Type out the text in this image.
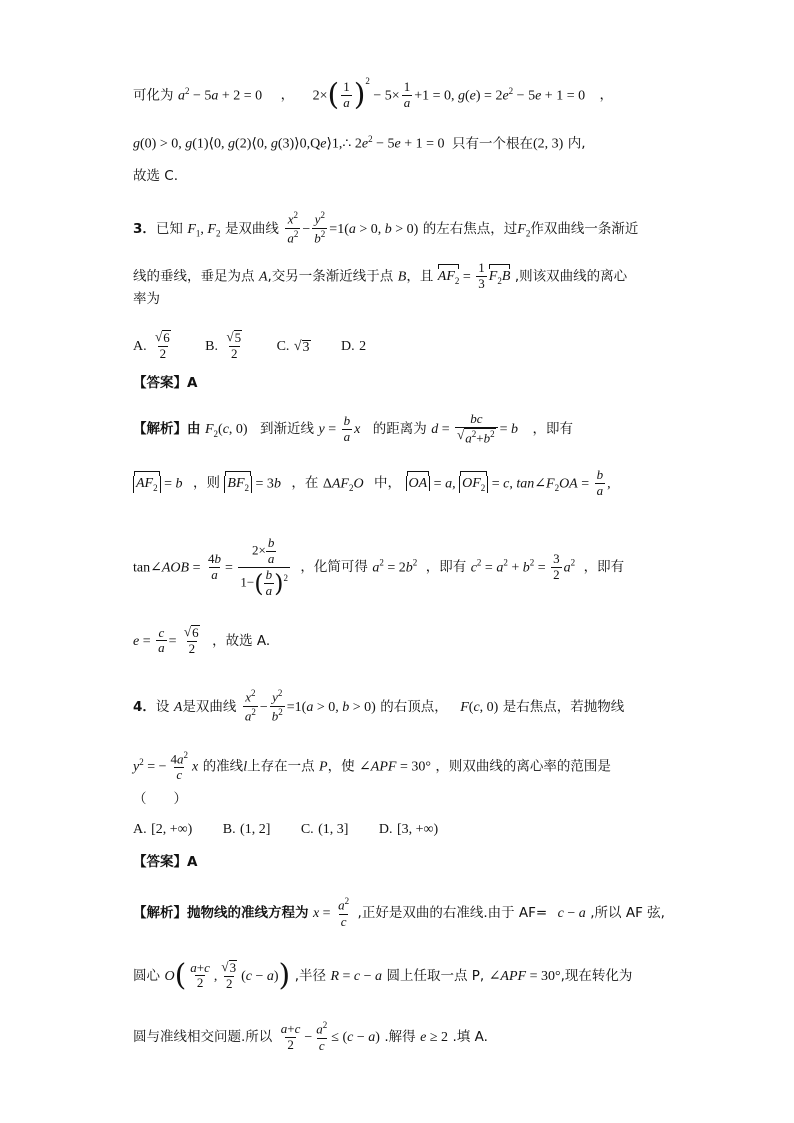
可化为 $a^2 - 5a + 2 = 0$ ， $2\times( \frac{1}{a} )^2 - 5\times \frac{1}{a} +1 = 0$, $g(e) = 2e^2 - 5e + 1 = 0$ ，
g(0) > 0, g(1)⟨0, g(2)⟨0, g(3)⟩0,Qe⟩1,∴ $2e^2 - 5e + 1 = 0$ 只有一个根在(2, 3) 内,
故选 C.
3．已知 $F_1$, $F_2$ 是双曲线 $\frac{x^2}{a^2} - \frac{y^2}{b^2} =1(a > 0$, b > 0) 的左右焦点，过$F_2$作双曲线一条渐近
线的垂线，垂足为点 A,交另一条渐近线于点 B，且 $AF_2 = \frac{1}{3} F_2B$ ,则该双曲线的离心
率为
A. $\frac{√ 6}{2} B$. $\frac{√ 5}{2} C$. √ 3 D. 2
【答案】A
【解析】由 $F_2(c$, 0) 到渐近线 $y = \frac{b}{a}$ x 的距离为 $d = \frac{bc}{√ a^2+b^2} = b$ ，即有
$AF_2 = b$ ，则 $BF_2 = 3b$ ，在 $\Delta AF_2O$ 中， OA = a, $OF_2 = c$, $\tan\angle F_2OA = \frac{b}{a}$ ,
tan∠AOB = $\frac{4b}{a} = \frac{2\times \frac{b}{a}}{1-( \frac{b}{a} )^2}$ ，化简可得 $a^2 = 2b^2$ ，即有 $c^2 = a^2 + b^2 = \frac{3}{2} a^2$ ，即有
$e = \frac{c}{a} = \frac{√ 6}{2}$ ，故选 A.
4．设 A是双曲线 $\frac{x^2}{a^2} - \frac{y^2}{b^2} =1(a > 0$, b > 0) 的右顶点， F(c, 0) 是右焦点，若抛物线
$y^2$ = − $\frac{4a^2}{c}$ x 的准线l上存在一点 P，使 ∠APF = 30° ，则双曲线的离心率的范围是
（　　）
A. [2, +∞) B. (1, 2] C. (1, 3] D. [3, +∞)
【答案】A
【解析】抛物线的准线方程为 $x = \frac{a^2}{c}$ ,正好是双曲的右准线.由于 AF= c − a ,所以 AF 弦,
圆心 $O( \frac{a+c}{2}$ , $\frac{√ 3}{2} (c - a)$) ,半径 R = c − a 圆上任取一点 P, ∠APF = 30°,现在转化为
圆与准线相交问题.所以 $\frac{a+c}{2} - \frac{a^2}{c} \le (c - a)$ .解得 e ≥ 2 .填 A.
